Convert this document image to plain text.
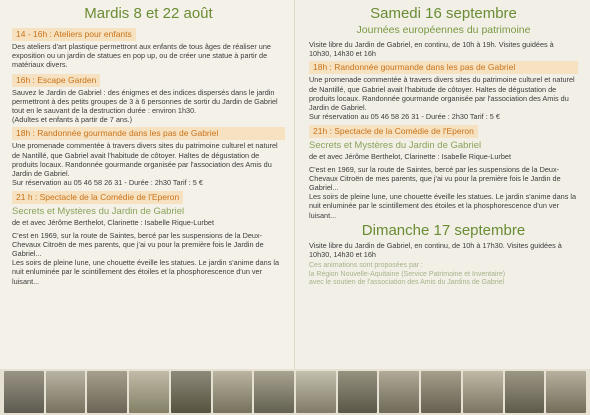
Mardis 8 et 22 août
14 - 16h : Ateliers pour enfants

Des ateliers d'art plastique permettront aux enfants de tous âges de réaliser une exposition ou un jardin de statues en pop up, ou de créer une statue à partir de matériaux divers.

16h : Escape Garden

Sauvez le Jardin de Gabriel : des énigmes et des indices dispersés dans le jardin permettront à des petits groupes de 3 à 6 personnes de sortir du Jardin de Gabriel tout en le sauvant de la destruction durée : environ 1h30.

(Adultes et enfants à partir de 7 ans.)

18h : Randonnée gourmande dans les pas de Gabriel

Une promenade commentée à travers divers sites du patrimoine culturel et naturel de Nantillé, que Gabriel avait l'habitude de côtoyer. Haltes de dégustation de produits locaux. Randonnée gourmande organisée par l'association des Amis du Jardin de Gabriel.

Sur réservation au 05 46 58 26 31 - Durée : 2h30 Tarif : 5 €

21 h : Spectacle de la Comédie de l'Eperon
Secrets et Mystères du Jardin de Gabriel

de et avec Jérôme Berthelot, Clarinette : Isabelle Rique-Lurbet

C'est en 1969, sur la route de Saintes, bercé par les suspensions de la Deux-Chevaux Citroën de mes parents, que j'ai vu pour la première fois le Jardin de Gabriel...

Les soirs de pleine lune, une chouette éveille les statues. Le jardin s'anime dans la nuit enluminée par le scintillement des étoiles et la phosphorescence d'un ver luisant...

Samedi 16 septembre
Journées européennes du patrimoine

Visite libre du Jardin de Gabriel, en continu, de 10h à 19h. Visites guidées à 10h30, 14h30 et 16h

18h : Randonnée gourmande dans les pas de Gabriel

Une promenade commentée à travers divers sites du patrimoine culturel et naturel de Nantillé, que Gabriel avait l'habitude de côtoyer. Haltes de dégustation de produits locaux. Randonnée gourmande organisée par l'association des Amis du Jardin de Gabriel.

Sur réservation au 05 46 58 26 31 - Durée : 2h30 Tarif : 5 €

21h : Spectacle de la Comédie de l'Eperon
Secrets et Mystères du Jardin de Gabriel

de et avec Jérôme Berthelot, Clarinette : Isabelle Rique-Lurbet

C'est en 1969, sur la route de Saintes, bercé par les suspensions de la Deux-Chevaux Citroën de mes parents, que j'ai vu pour la première fois le Jardin de Gabriel...

Les soirs de pleine lune, une chouette éveille les statues. Le jardin s'anime dans la nuit enluminée par le scintillement des étoiles et la phosphorescence d'un ver luisant...

Dimanche 17 septembre

Visite libre du Jardin de Gabriel, en continu, de 10h à 17h30. Visites guidées à 10h30, 14h30 et 16h

Ces animations sont proposées par :
la Région Nouvelle-Aquitaine (Service Patrimoine et Inventaire)
avec le soutien de l'association des Amis du Jardins de Gabriel
